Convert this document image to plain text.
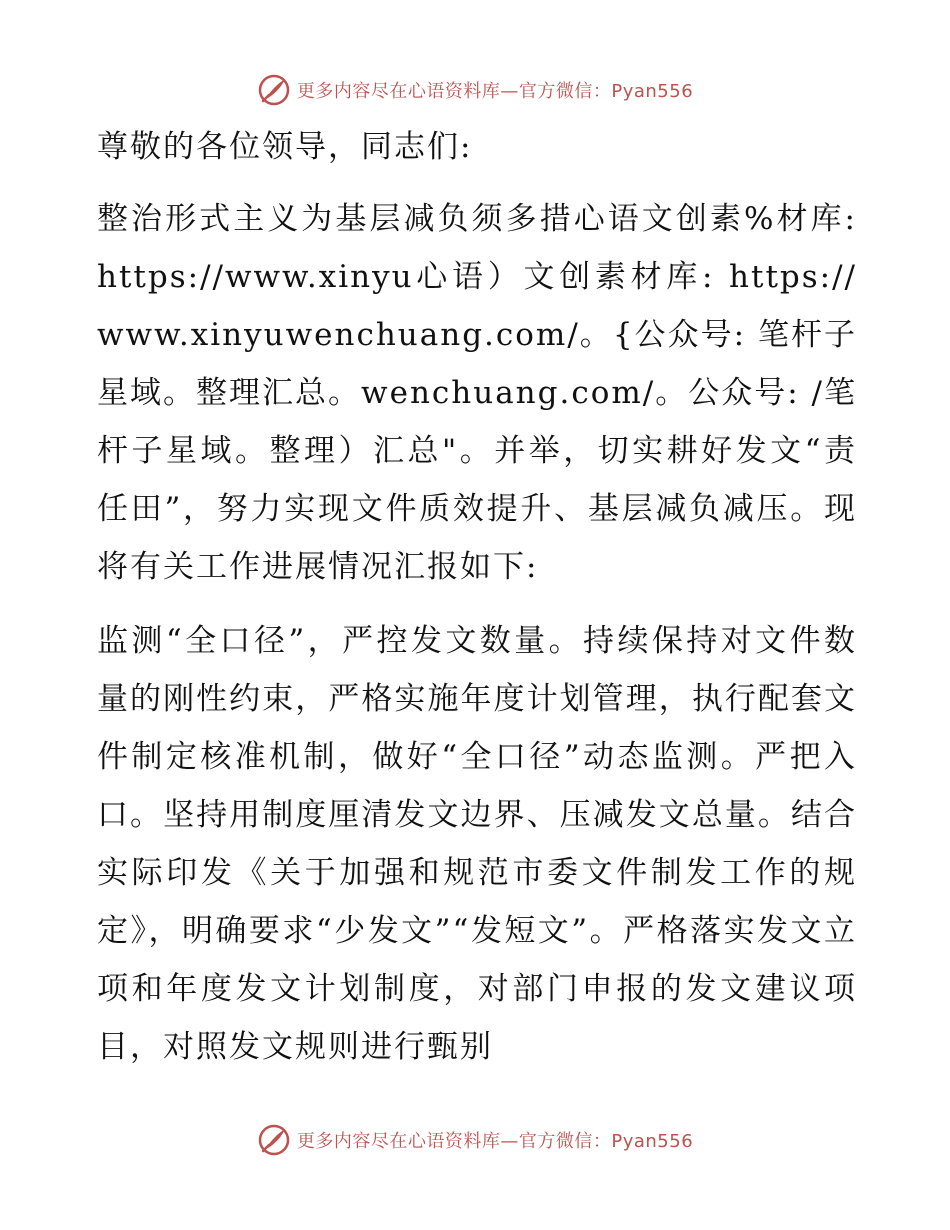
更多内容尽在心语资料库—官方微信：Pyan556

尊敬的各位领导，同志们:

整治形式主义为基层减负须多措心语文创素%材库: https://www.xinyu心语）文创素材库: https://www.xinyuwenchuang.com/。{公众号: 笔杆子星域。整理汇总。wenchuang.com/。公众号: /笔杆子星域。整理）汇总"。并举，切实耕好发文“责任田”，努力实现文件质效提升、基层减负减压。现将有关工作进展情况汇报如下:

监测“全口径”，严控发文数量。持续保持对文件数量的刚性约束，严格实施年度计划管理，执行配套文件制定核准机制，做好“全口径”动态监测。严把入口。坚持用制度厘清发文边界、压减发文总量。结合实际印发《关于加强和规范市委文件制发工作的规定》，明确要求“少发文”“发短文”。严格落实发文立项和年度发文计划制度，对部门申报的发文建议项目，对照发文规则进行甄别

更多内容尽在心语资料库—官方微信：Pyan556
